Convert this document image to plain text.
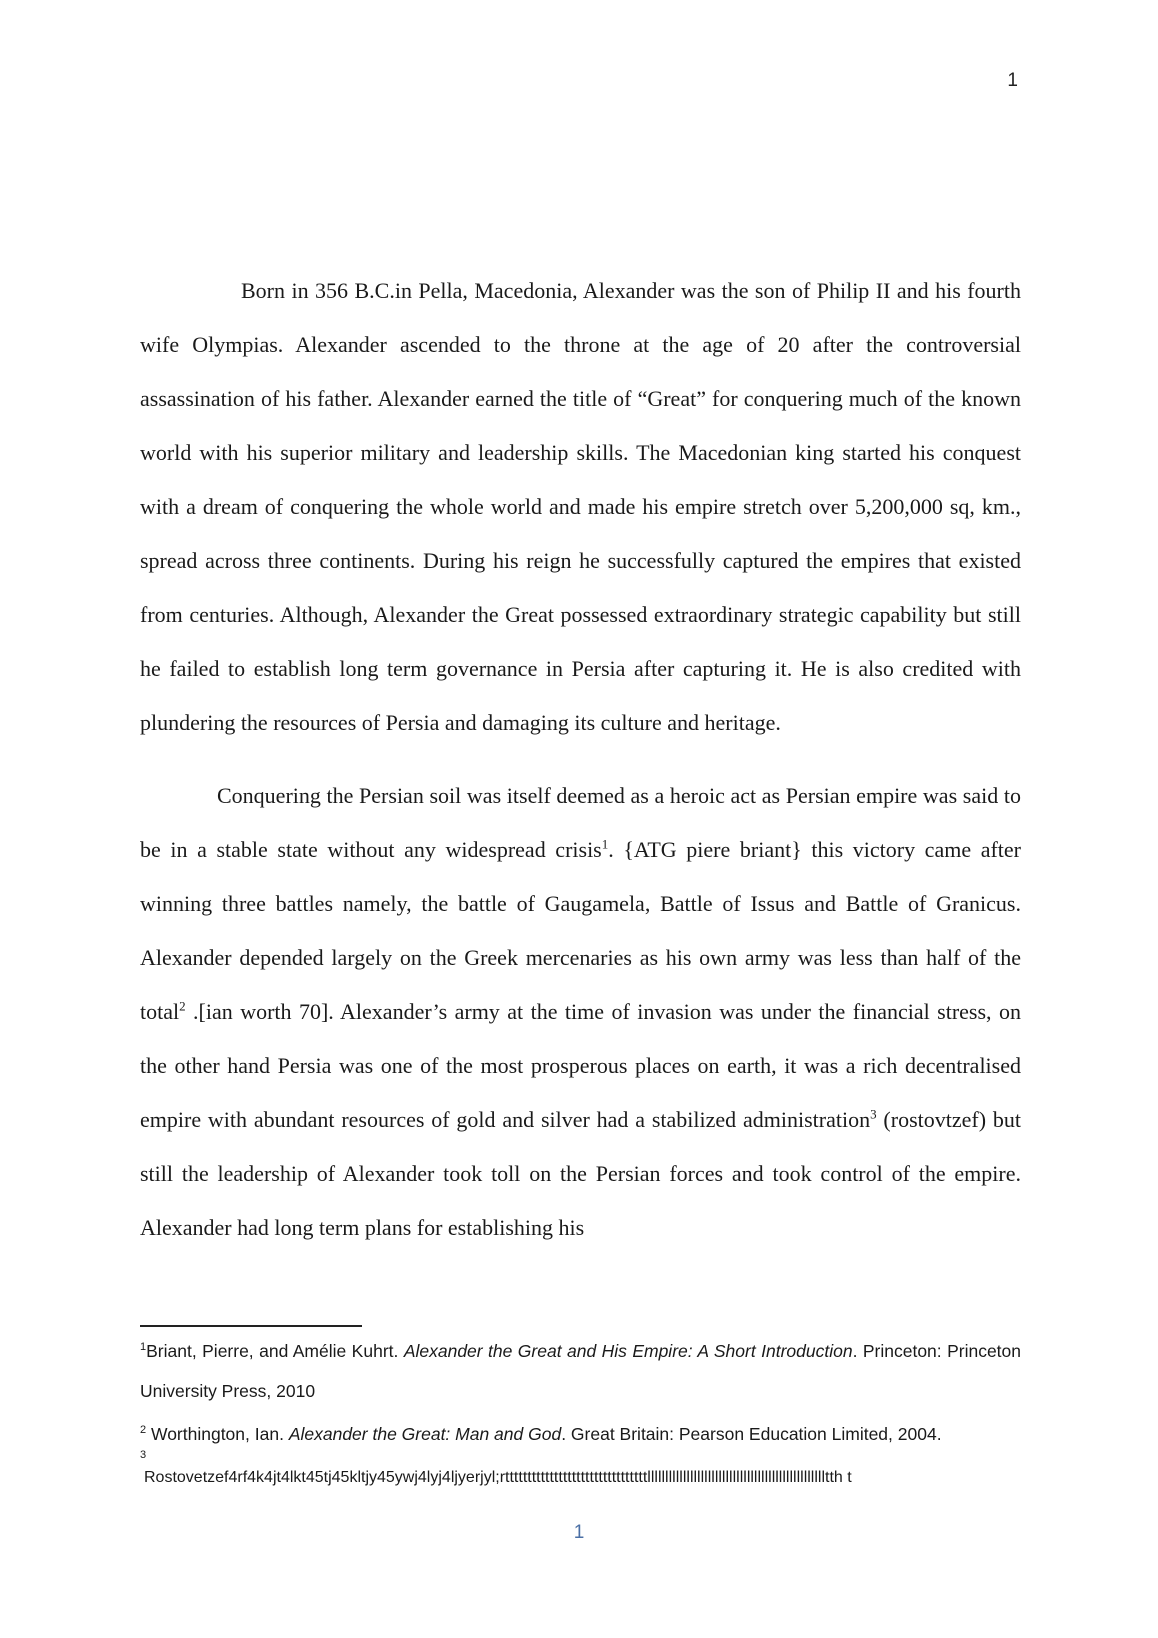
1

Born in 356 B.C.in Pella, Macedonia, Alexander was the son of Philip II and his fourth wife Olympias. Alexander ascended to the throne at the age of 20 after the controversial assassination of his father. Alexander earned the title of “Great” for conquering much of the known world with his superior military and leadership skills. The Macedonian king started his conquest with a dream of conquering the whole world and made his empire stretch over 5,200,000 sq, km., spread across three continents. During his reign he successfully captured the empires that existed from centuries. Although, Alexander the Great possessed extraordinary strategic capability but still he failed to establish long term governance in Persia after capturing it. He is also credited with plundering the resources of Persia and damaging its culture and heritage.

Conquering the Persian soil was itself deemed as a heroic act as Persian empire was said to be in a stable state without any widespread crisis$^1$. {ATG piere briant} this victory came after winning three battles namely, the battle of Gaugamela, Battle of Issus and Battle of Granicus. Alexander depended largely on the Greek mercenaries as his own army was less than half of the total$^2$ .[ian worth 70]. Alexander’s army at the time of invasion was under the financial stress, on the other hand Persia was one of the most prosperous places on earth, it was a rich decentralised empire with abundant resources of gold and silver had a stabilized administration$^3$ (rostovtzef) but still the leadership of Alexander took toll on the Persian forces and took control of the empire. Alexander had long term plans for establishing his

$^1$Briant, Pierre, and Amélie Kuhrt. Alexander the Great and His Empire: A Short Introduction. Princeton: Princeton University Press, 2010

$^2$ Worthington, Ian. Alexander the Great: Man and God. Great Britain: Pearson Education Limited, 2004.

3
Rostovetzef4rf4k4jt4lkt45tj45kltjy45ywj4lyj4ljyerjyl;rttttttttttttttttttttttttttttttttlllllllllllllllllllllllllllllllllllllllllllllllllltth t
1
